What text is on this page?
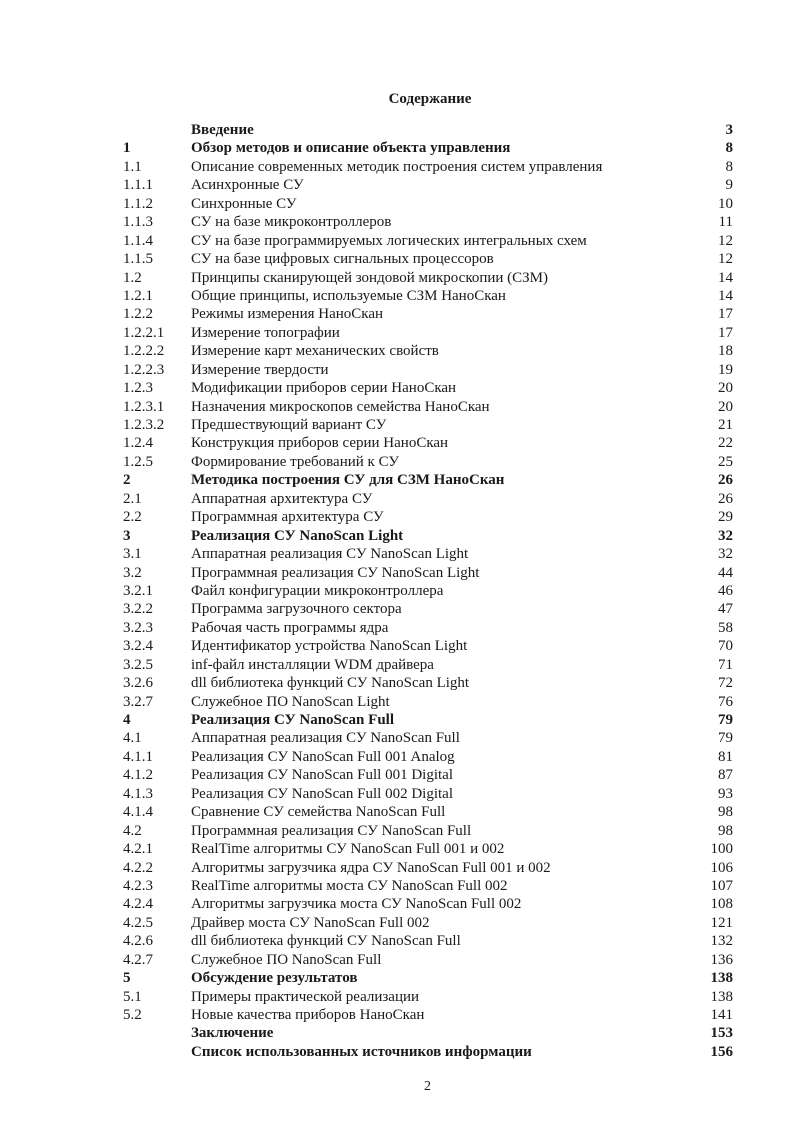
Содержание
Введение	3
1	Обзор методов и описание объекта управления	8
1.1	Описание современных методик построения систем управления	8
1.1.1	Асинхронные СУ	9
1.1.2	Синхронные СУ	10
1.1.3	СУ на базе микроконтроллеров	11
1.1.4	СУ на базе программируемых логических интегральных схем	12
1.1.5	СУ на базе цифровых сигнальных процессоров	12
1.2	Принципы сканирующей зондовой микроскопии (СЗМ)	14
1.2.1	Общие принципы, используемые СЗМ НаноСкан	14
1.2.2	Режимы измерения НаноСкан	17
1.2.2.1 Измерение топографии	17
1.2.2.2 Измерение карт механических свойств	18
1.2.2.3 Измерение твердости	19
1.2.3	Модификации приборов серии НаноСкан	20
1.2.3.1 Назначения микроскопов семейства НаноСкан	20
1.2.3.2 Предшествующий вариант СУ	21
1.2.4	Конструкция приборов серии НаноСкан	22
1.2.5	Формирование требований к СУ	25
2	Методика построения СУ для СЗМ НаноСкан	26
2.1	Аппаратная архитектура СУ	26
2.2	Программная архитектура СУ	29
3	Реализация СУ NanoScan Light	32
3.1	Аппаратная реализация СУ NanoScan Light	32
3.2	Программная реализация СУ NanoScan Light	44
3.2.1	Файл конфигурации микроконтроллера	46
3.2.2	Программа загрузочного сектора	47
3.2.3	Рабочая часть программы ядра	58
3.2.4	Идентификатор устройства NanoScan Light	70
3.2.5	inf-файл инсталляции WDM драйвера	71
3.2.6	dll библиотека функций СУ NanoScan Light	72
3.2.7	Служебное ПО NanoScan Light	76
4	Реализация СУ NanoScan Full	79
4.1	Аппаратная реализация СУ NanoScan Full	79
4.1.1	Реализация СУ NanoScan Full 001 Analog	81
4.1.2	Реализация СУ NanoScan Full 001 Digital	87
4.1.3	Реализация СУ NanoScan Full 002 Digital	93
4.1.4	Сравнение СУ семейства NanoScan Full	98
4.2	Программная реализация СУ NanoScan Full	98
4.2.1	RealTime алгоритмы СУ NanoScan Full 001 и 002	100
4.2.2	Алгоритмы загрузчика ядра СУ NanoScan Full 001 и 002	106
4.2.3	RealTime алгоритмы моста СУ NanoScan Full 002	107
4.2.4	Алгоритмы загрузчика моста СУ NanoScan Full 002	108
4.2.5	Драйвер моста СУ NanoScan Full 002	121
4.2.6	dll библиотека функций СУ NanoScan Full	132
4.2.7	Служебное ПО NanoScan Full	136
5	Обсуждение результатов	138
5.1	Примеры практической реализации	138
5.2	Новые качества приборов НаноСкан	141
Заключение	153
Список использованных источников информации	156
2
